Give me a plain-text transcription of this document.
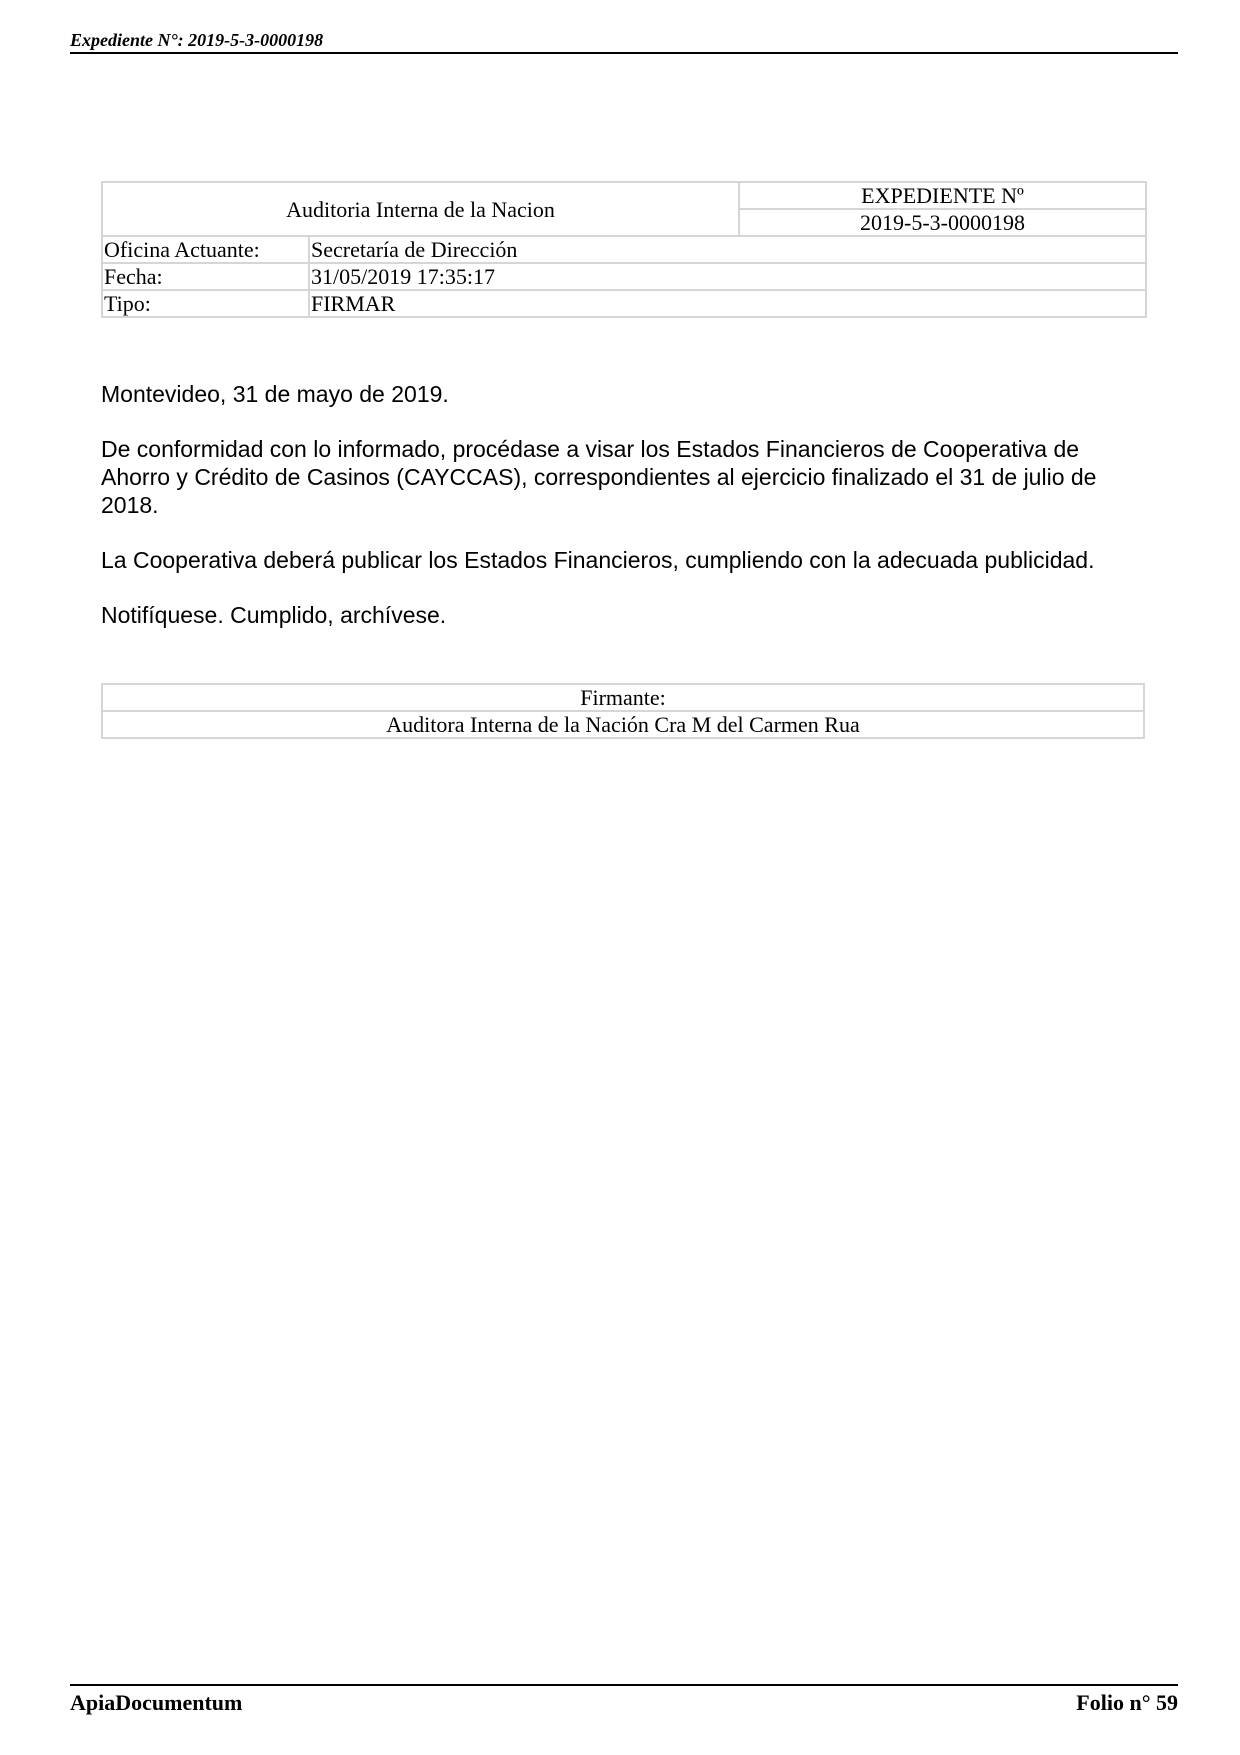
Expediente N°: 2019-5-3-0000198
Auditoria Interna de la Nacion		EXPEDIENTE Nº
		2019-5-3-0000198
Oficina Actuante:	Secretaría de Dirección	
Fecha:	31/05/2019 17:35:17	
Tipo:	FIRMAR	

Montevideo, 31 de mayo de 2019.

De conformidad con lo informado, procédase a visar los Estados Financieros de Cooperativa de Ahorro y Crédito de Casinos (CAYCCAS), correspondientes al ejercicio finalizado el 31 de julio de 2018.

La Cooperativa deberá publicar los Estados Financieros, cumpliendo con la adecuada publicidad.

Notifíquese. Cumplido, archívese.

Firmante:
Auditora Interna de la Nación Cra M del Carmen Rua
ApiaDocumentum	Folio n° 59
